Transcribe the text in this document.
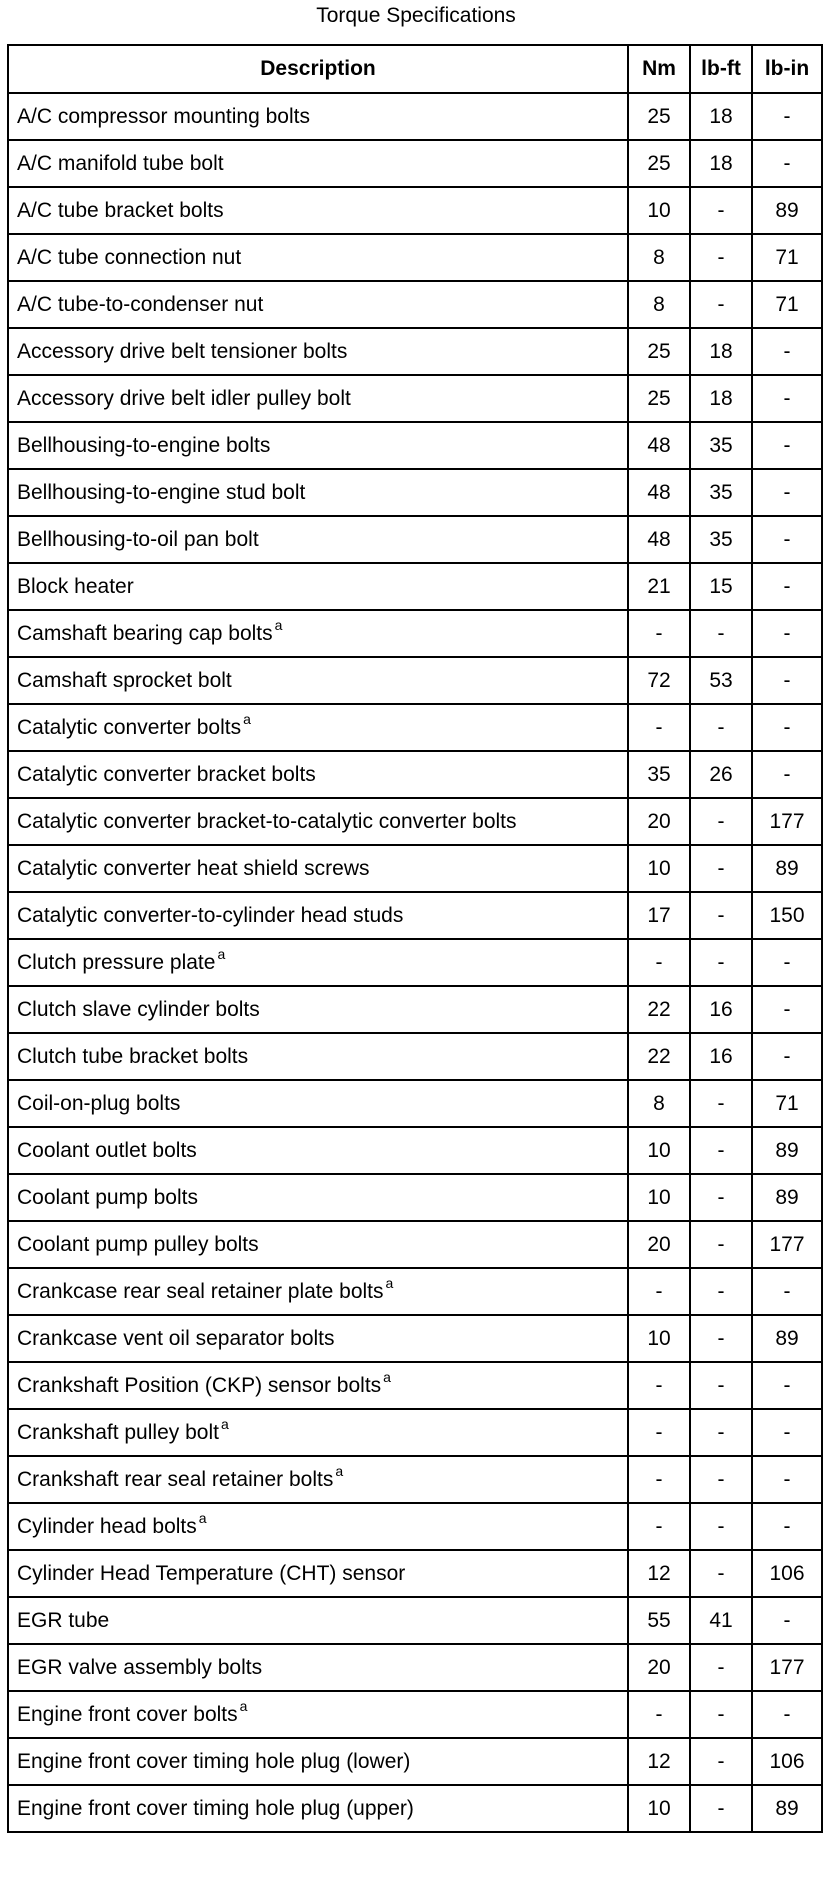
Torque Specifications
Description	Nm	lb-ft	lb-in
A/C compressor mounting bolts	25	18	-
A/C manifold tube bolt	25	18	-
A/C tube bracket bolts	10	-	89
A/C tube connection nut	8	-	71
A/C tube-to-condenser nut	8	-	71
Accessory drive belt tensioner bolts	25	18	-
Accessory drive belt idler pulley bolt	25	18	-
Bellhousing-to-engine bolts	48	35	-
Bellhousing-to-engine stud bolt	48	35	-
Bellhousing-to-oil pan bolt	48	35	-
Block heater	21	15	-
Camshaft bearing cap bolts $^a$	-	-	-
Camshaft sprocket bolt	72	53	-
Catalytic converter bolts $^a$	-	-	-
Catalytic converter bracket bolts	35	26	-
Catalytic converter bracket-to-catalytic converter bolts	20	-	177
Catalytic converter heat shield screws	10	-	89
Catalytic converter-to-cylinder head studs	17	-	150
Clutch pressure plate $^a$	-	-	-
Clutch slave cylinder bolts	22	16	-
Clutch tube bracket bolts	22	16	-
Coil-on-plug bolts	8	-	71
Coolant outlet bolts	10	-	89
Coolant pump bolts	10	-	89
Coolant pump pulley bolts	20	-	177
Crankcase rear seal retainer plate bolts $^a$	-	-	-
Crankcase vent oil separator bolts	10	-	89
Crankshaft Position (CKP) sensor bolts $^a$	-	-	-
Crankshaft pulley bolt $^a$	-	-	-
Crankshaft rear seal retainer bolts $^a$	-	-	-
Cylinder head bolts $^a$	-	-	-
Cylinder Head Temperature (CHT) sensor	12	-	106
EGR tube	55	41	-
EGR valve assembly bolts	20	-	177
Engine front cover bolts $^a$	-	-	-
Engine front cover timing hole plug (lower)	12	-	106
Engine front cover timing hole plug (upper)	10	-	89
